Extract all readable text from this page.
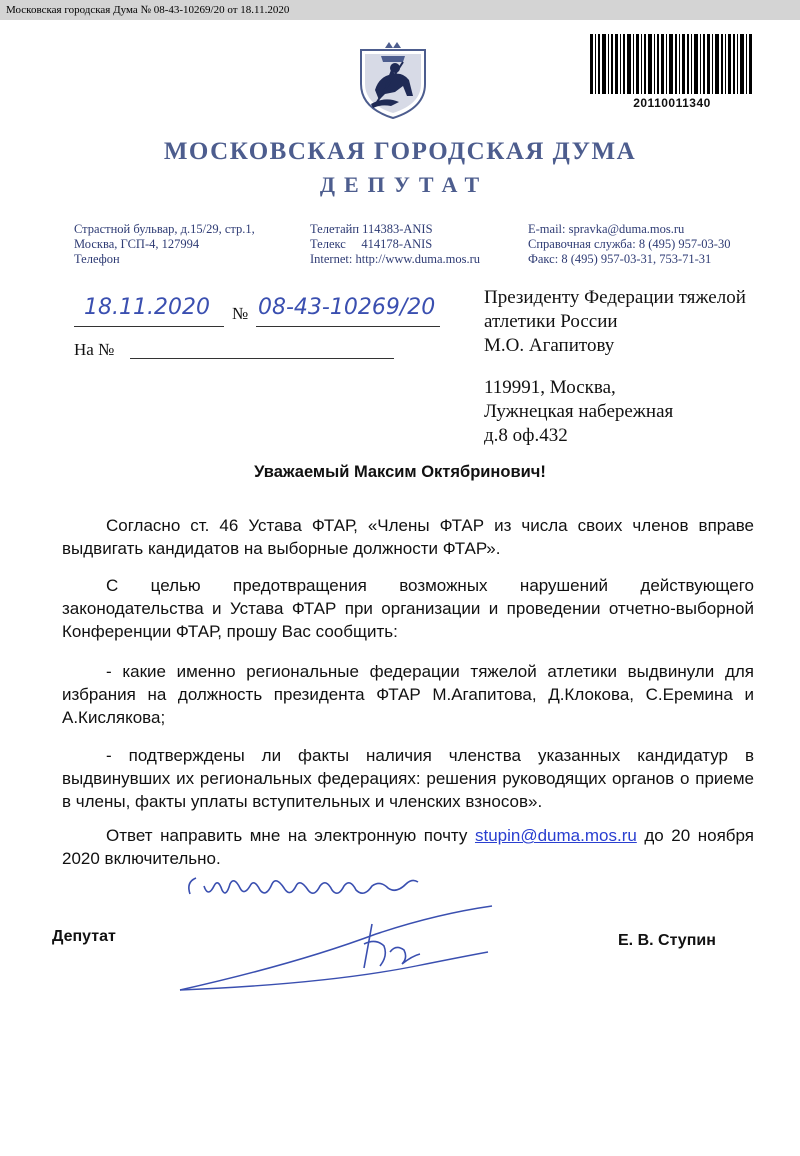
Московская городская Дума № 08-43-10269/20 от 18.11.2020
20110011340
МОСКОВСКАЯ ГОРОДСКАЯ ДУМА
ДЕПУТАТ
Страстной бульвар, д.15/29, стр.1,
Москва, ГСП-4, 127994
Телефон
Телетайп 114383-ANIS
Телекс     414178-ANIS
Internet: http://www.duma.mos.ru
E-mail: spravka@duma.mos.ru
Справочная служба: 8 (495) 957-03-30
Факс: 8 (495) 957-03-31, 753-71-31
18.11.2020 № 08-43-10269/20
На №
Президенту Федерации тяжелой
атлетики России
М.О. Агапитову
119991, Москва,
Лужнецкая набережная
д.8 оф.432
Уважаемый Максим Октябринович!
Согласно ст. 46 Устава ФТАР, «Члены ФТАР из числа своих членов вправе выдвигать кандидатов на выборные должности ФТАР».
С целью предотвращения возможных нарушений действующего законодательства и Устава ФТАР при организации и проведении отчетно-выборной Конференции ФТАР, прошу Вас сообщить:
- какие именно региональные федерации тяжелой атлетики выдвинули для избрания на должность президента ФТАР М.Агапитова, Д.Клокова, С.Еремина и А.Кислякова;
- подтверждены ли факты наличия членства указанных кандидатур в выдвинувших их региональных федерациях: решения руководящих органов о приеме в члены, факты уплаты вступительных и членских взносов».
Ответ направить мне на электронную почту stupin@duma.mos.ru до 20 ноября 2020 включительно.
Депутат	Е. В. Ступин
